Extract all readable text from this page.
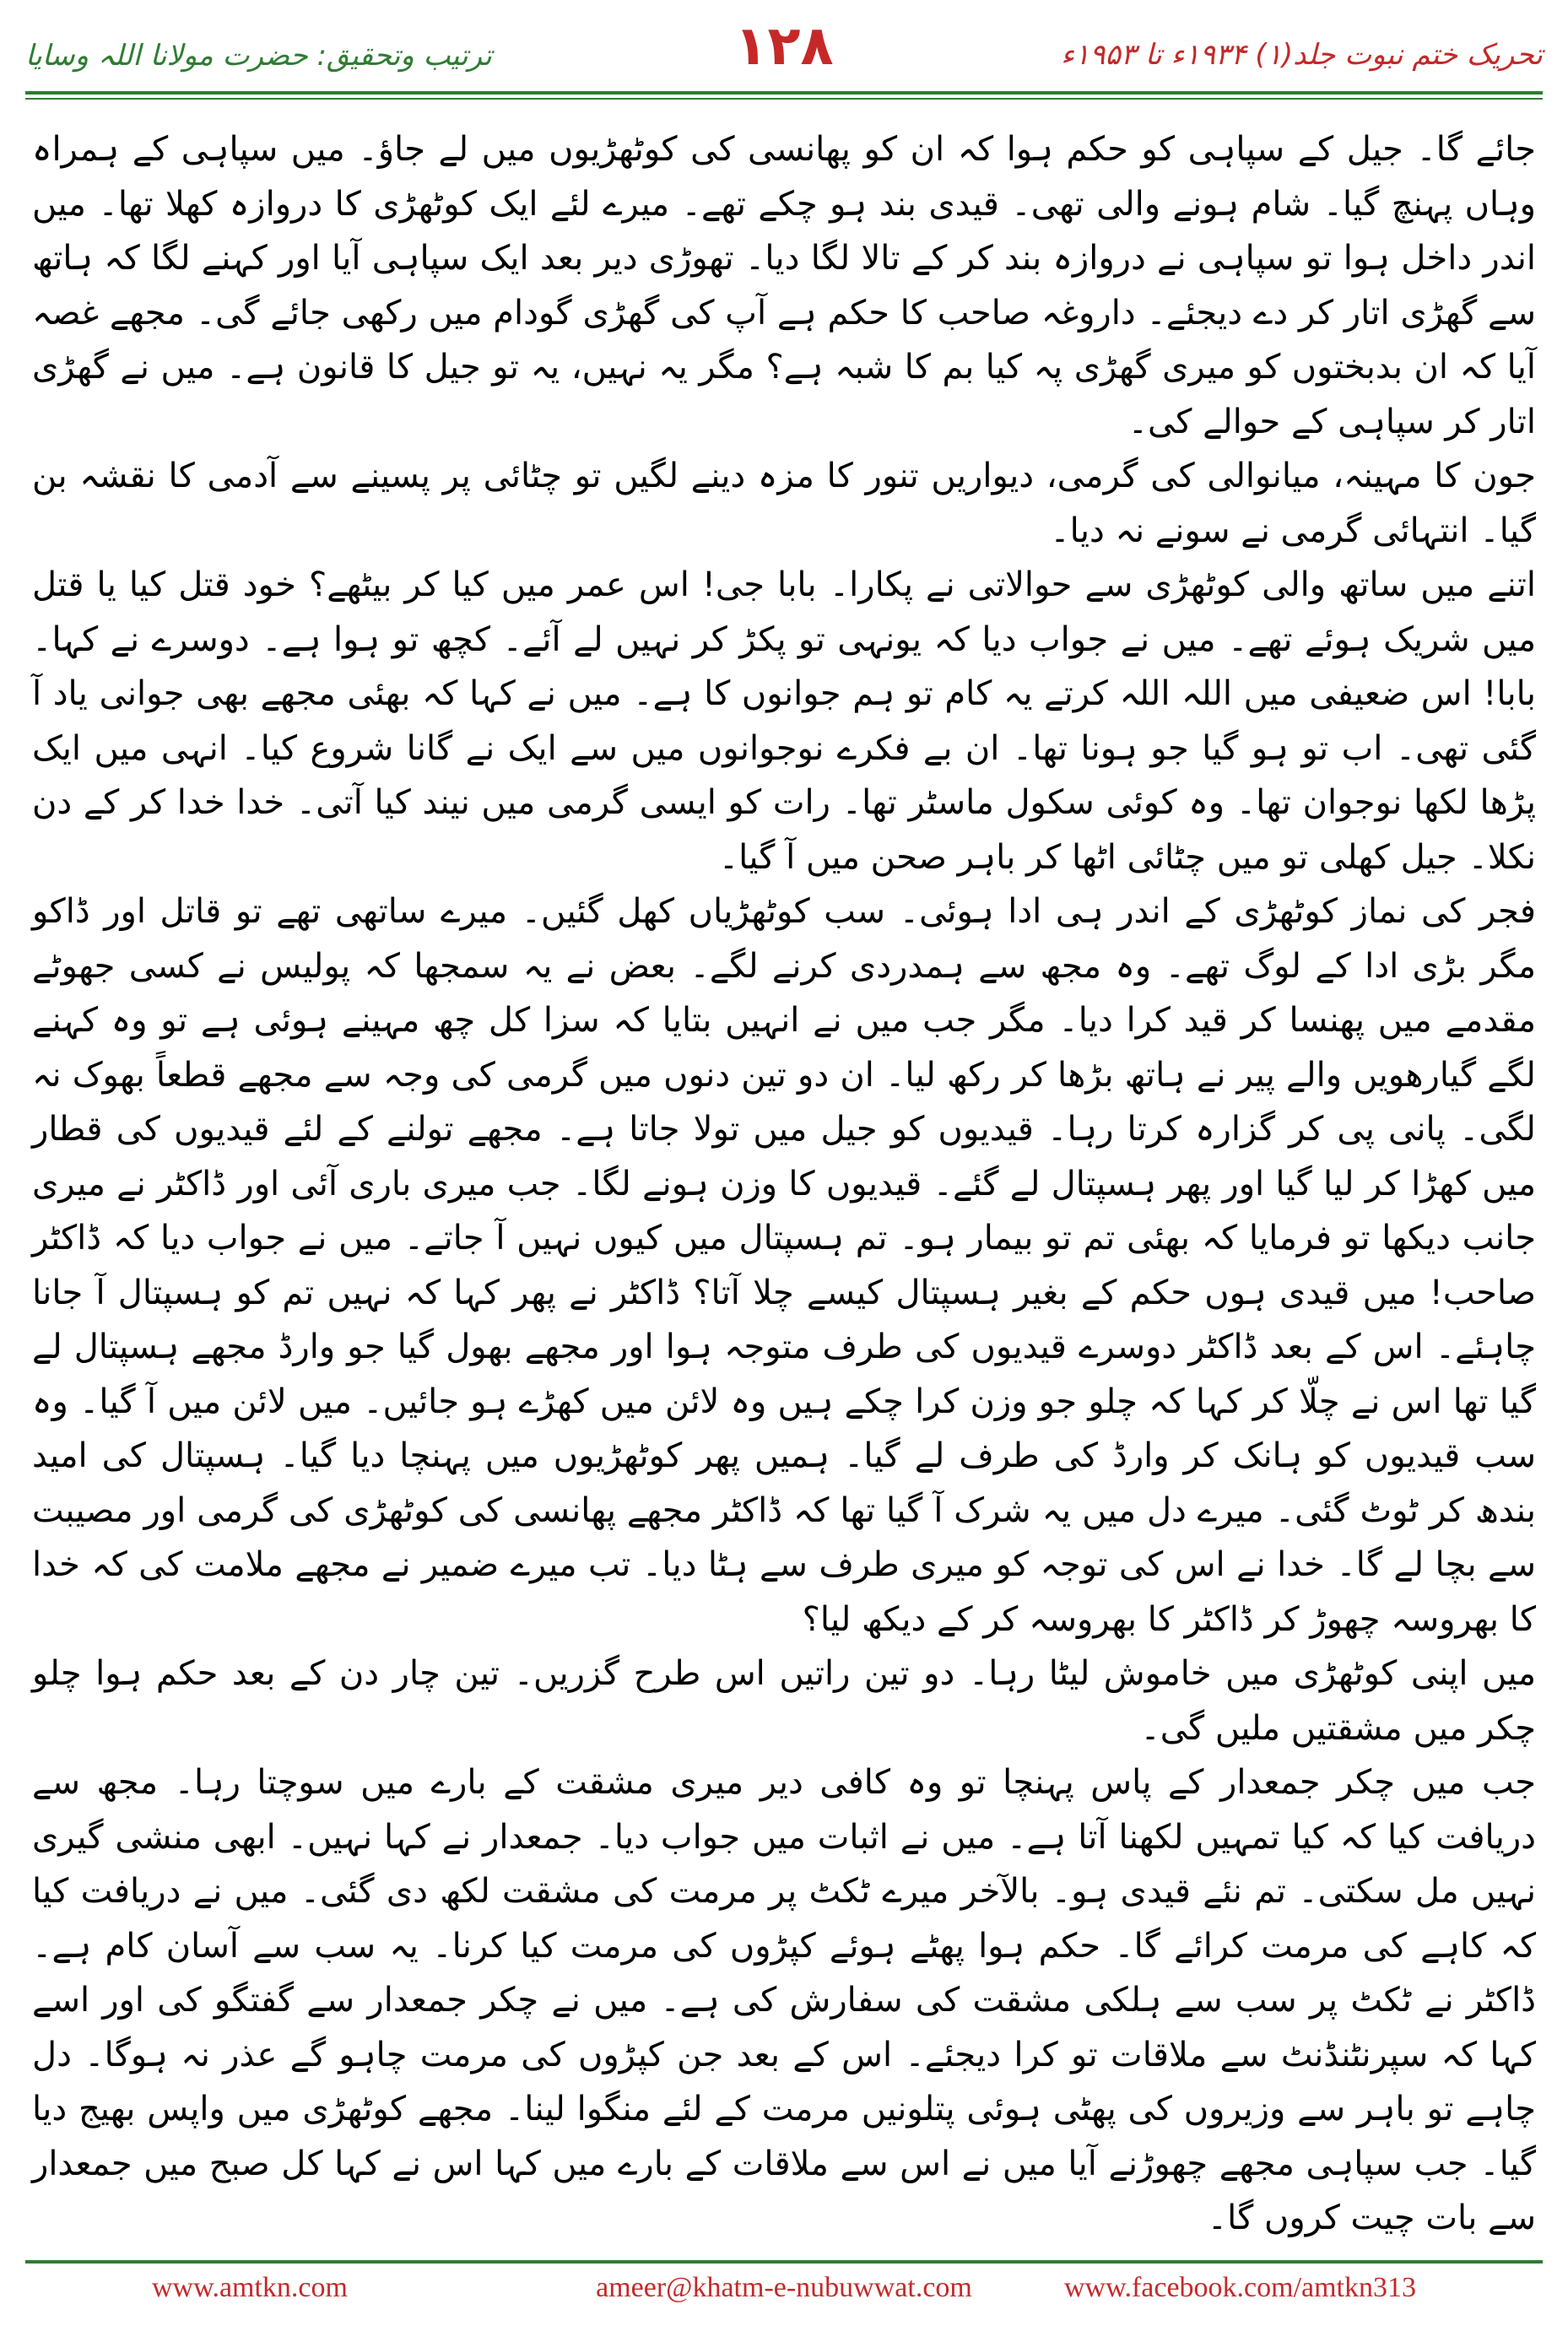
ترتیب وتحقیق: حضرت مولانا اللہ وسایا	۱۲۸	تحریک ختم نبوت جلد(۱) ۱۹۳۴ء تا ۱۹۵۳ء

جائے گا۔ جیل کے سپاہی کو حکم ہوا کہ ان کو پھانسی کی کوٹھڑیوں میں لے جاؤ۔ میں سپاہی کے ہمراہ وہاں پہنچ گیا۔ شام ہونے والی تھی۔ قیدی بند ہو چکے تھے۔ میرے لئے ایک کوٹھڑی کا دروازہ کھلا تھا۔ میں اندر داخل ہوا تو سپاہی نے دروازہ بند کر کے تالا لگا دیا۔ تھوڑی دیر بعد ایک سپاہی آیا اور کہنے لگا کہ ہاتھ سے گھڑی اتار کر دے دیجئے۔ داروغہ صاحب کا حکم ہے آپ کی گھڑی گودام میں رکھی جائے گی۔ مجھے غصہ آیا کہ ان بدبختوں کو میری گھڑی پہ کیا بم کا شبہ ہے؟ مگر یہ نہیں، یہ تو جیل کا قانون ہے۔ میں نے گھڑی اتار کر سپاہی کے حوالے کی۔

جون کا مہینہ، میانوالی کی گرمی، دیواریں تنور کا مزہ دینے لگیں تو چٹائی پر پسینے سے آدمی کا نقشہ بن گیا۔ انتہائی گرمی نے سونے نہ دیا۔

اتنے میں ساتھ والی کوٹھڑی سے حوالاتی نے پکارا۔ بابا جی! اس عمر میں کیا کر بیٹھے؟ خود قتل کیا یا قتل میں شریک ہوئے تھے۔ میں نے جواب دیا کہ یونہی تو پکڑ کر نہیں لے آئے۔ کچھ تو ہوا ہے۔ دوسرے نے کہا۔ بابا! اس ضعیفی میں اللہ اللہ کرتے یہ کام تو ہم جوانوں کا ہے۔ میں نے کہا کہ بھئی مجھے بھی جوانی یاد آ گئی تھی۔ اب تو ہو گیا جو ہونا تھا۔ ان بے فکرے نوجوانوں میں سے ایک نے گانا شروع کیا۔ انہی میں ایک پڑھا لکھا نوجوان تھا۔ وہ کوئی سکول ماسٹر تھا۔ رات کو ایسی گرمی میں نیند کیا آتی۔ خدا خدا کر کے دن نکلا۔ جیل کھلی تو میں چٹائی اٹھا کر باہر صحن میں آ گیا۔

فجر کی نماز کوٹھڑی کے اندر ہی ادا ہوئی۔ سب کوٹھڑیاں کھل گئیں۔ میرے ساتھی تھے تو قاتل اور ڈاکو مگر بڑی ادا کے لوگ تھے۔ وہ مجھ سے ہمدردی کرنے لگے۔ بعض نے یہ سمجھا کہ پولیس نے کسی جھوٹے مقدمے میں پھنسا کر قید کرا دیا۔ مگر جب میں نے انہیں بتایا کہ سزا کل چھ مہینے ہوئی ہے تو وہ کہنے لگے گیارھویں والے پیر نے ہاتھ بڑھا کر رکھ لیا۔ ان دو تین دنوں میں گرمی کی وجہ سے مجھے قطعاً بھوک نہ لگی۔ پانی پی کر گزارہ کرتا رہا۔ قیدیوں کو جیل میں تولا جاتا ہے۔ مجھے تولنے کے لئے قیدیوں کی قطار میں کھڑا کر لیا گیا اور پھر ہسپتال لے گئے۔ قیدیوں کا وزن ہونے لگا۔ جب میری باری آئی اور ڈاکٹر نے میری جانب دیکھا تو فرمایا کہ بھئی تم تو بیمار ہو۔ تم ہسپتال میں کیوں نہیں آ جاتے۔ میں نے جواب دیا کہ ڈاکٹر صاحب! میں قیدی ہوں حکم کے بغیر ہسپتال کیسے چلا آتا؟ ڈاکٹر نے پھر کہا کہ نہیں تم کو ہسپتال آ جانا چاہئے۔ اس کے بعد ڈاکٹر دوسرے قیدیوں کی طرف متوجہ ہوا اور مجھے بھول گیا جو وارڈ مجھے ہسپتال لے گیا تھا اس نے چلّا کر کہا کہ چلو جو وزن کرا چکے ہیں وہ لائن میں کھڑے ہو جائیں۔ میں لائن میں آ گیا۔ وہ سب قیدیوں کو ہانک کر وارڈ کی طرف لے گیا۔ ہمیں پھر کوٹھڑیوں میں پہنچا دیا گیا۔ ہسپتال کی امید بندھ کر ٹوٹ گئی۔ میرے دل میں یہ شرک آ گیا تھا کہ ڈاکٹر مجھے پھانسی کی کوٹھڑی کی گرمی اور مصیبت سے بچا لے گا۔ خدا نے اس کی توجہ کو میری طرف سے ہٹا دیا۔ تب میرے ضمیر نے مجھے ملامت کی کہ خدا کا بھروسہ چھوڑ کر ڈاکٹر کا بھروسہ کر کے دیکھ لیا؟

میں اپنی کوٹھڑی میں خاموش لیٹا رہا۔ دو تین راتیں اس طرح گزریں۔ تین چار دن کے بعد حکم ہوا چلو چکر میں مشقتیں ملیں گی۔

جب میں چکر جمعدار کے پاس پہنچا تو وہ کافی دیر میری مشقت کے بارے میں سوچتا رہا۔ مجھ سے دریافت کیا کہ کیا تمہیں لکھنا آتا ہے۔ میں نے اثبات میں جواب دیا۔ جمعدار نے کہا نہیں۔ ابھی منشی گیری نہیں مل سکتی۔ تم نئے قیدی ہو۔ بالآخر میرے ٹکٹ پر مرمت کی مشقت لکھ دی گئی۔ میں نے دریافت کیا کہ کاہے کی مرمت کرائے گا۔ حکم ہوا پھٹے ہوئے کپڑوں کی مرمت کیا کرنا۔ یہ سب سے آسان کام ہے۔ ڈاکٹر نے ٹکٹ پر سب سے ہلکی مشقت کی سفارش کی ہے۔ میں نے چکر جمعدار سے گفتگو کی اور اسے کہا کہ سپرنٹنڈنٹ سے ملاقات تو کرا دیجئے۔ اس کے بعد جن کپڑوں کی مرمت چاہو گے عذر نہ ہوگا۔ دل چاہے تو باہر سے وزیروں کی پھٹی ہوئی پتلونیں مرمت کے لئے منگوا لینا۔ مجھے کوٹھڑی میں واپس بھیج دیا گیا۔ جب سپاہی مجھے چھوڑنے آیا میں نے اس سے ملاقات کے بارے میں کہا اس نے کہا کل صبح میں جمعدار سے بات چیت کروں گا۔

ameer@khatm-e-nubuwwat.com
www.amtkn.com	www.facebook.com/amtkn313
